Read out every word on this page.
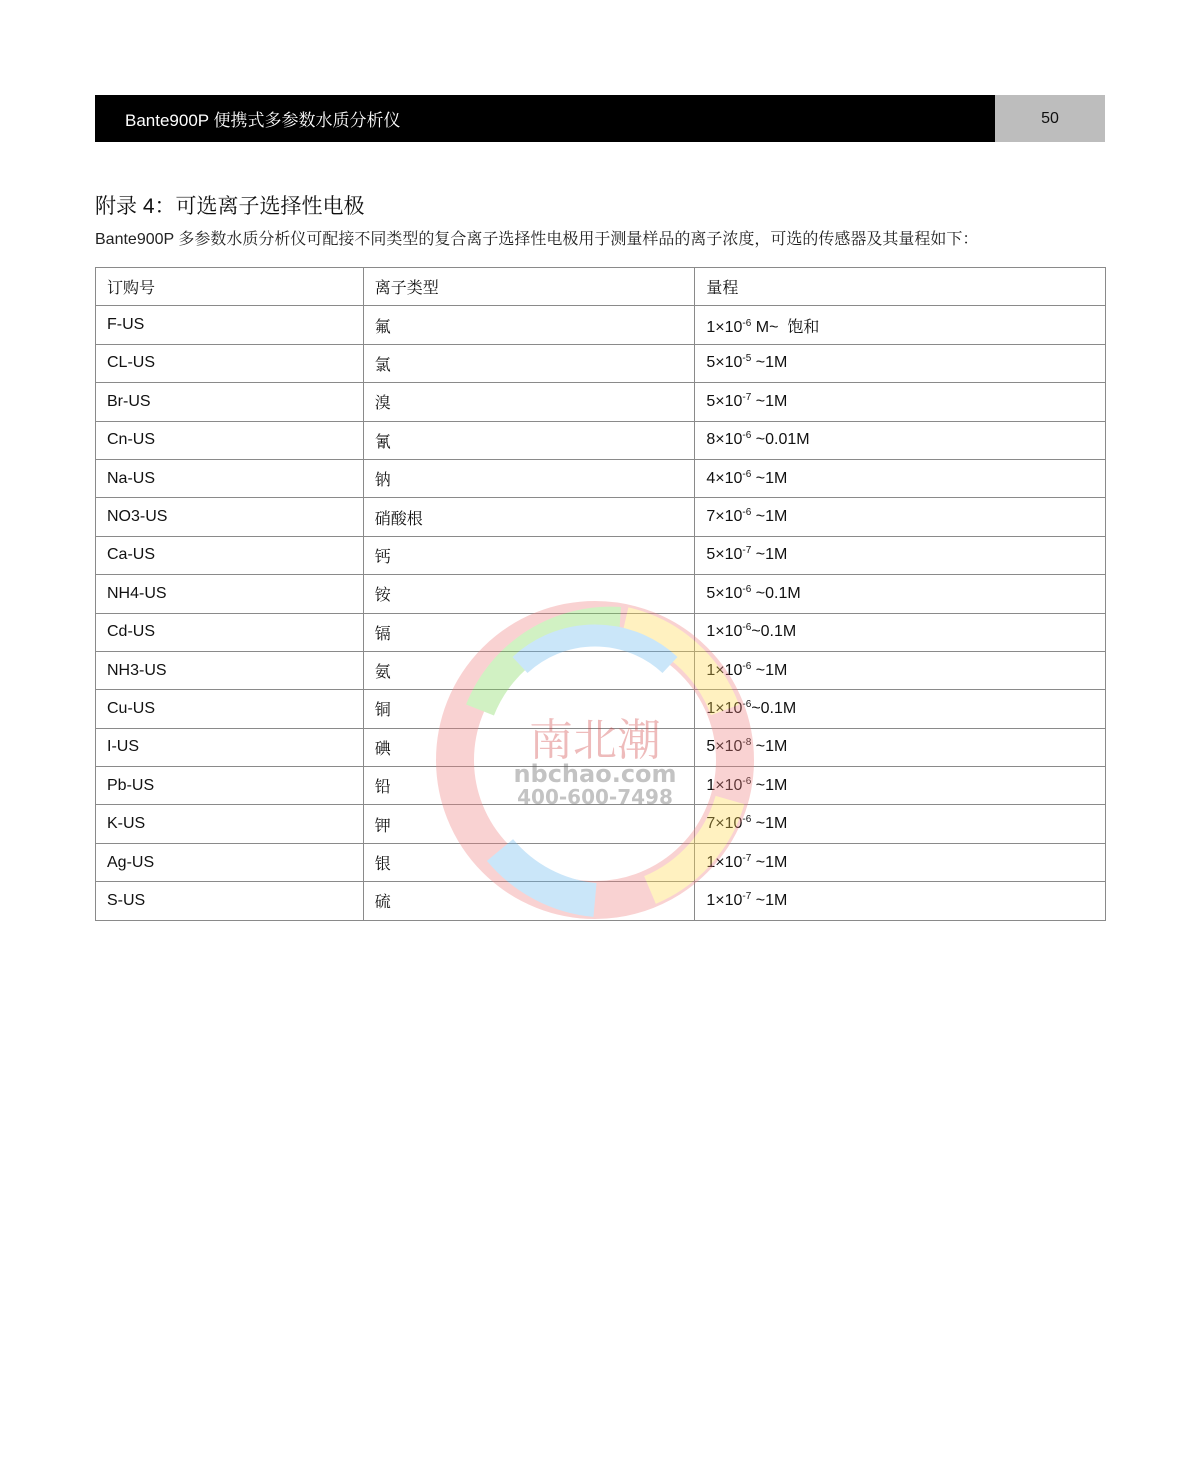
Bante900P 便携式多参数水质分析仪	50
附录 4：可选离子选择性电极
Bante900P 多参数水质分析仪可配接不同类型的复合离子选择性电极用于测量样品的离子浓度，可选的传感器及其量程如下：
订购号	离子类型	量程
F-US	氟	$1\times 10^{-6}$ M~  饱和
CL-US	氯	$5\times 10^{-5}$ ~1M
Br-US	溴	$5\times 10^{-7}$ ~1M
Cn-US	氰	$8\times 10^{-6}$ ~0.01M
Na-US	钠	$4\times 10^{-6}$ ~1M
NO3-US	硝酸根	$7\times 10^{-6}$ ~1M
Ca-US	钙	$5\times 10^{-7}$ ~1M
NH4-US	铵	$5\times 10^{-6}$ ~0.1M
Cd-US	镉	$1\times 10^{-6}\sim 0.1M$
NH3-US	氨	$1\times 10^{-6}$ ~1M
Cu-US	铜	$1\times 10^{-6}\sim 0.1M$
I-US	碘	$5\times 10^{-8}$ ~1M
Pb-US	铅	$1\times 10^{-6}$ ~1M
K-US	钾	$7\times 10^{-6}$ ~1M
Ag-US	银	$1\times 10^{-7}$ ~1M
S-US	硫	$1\times 10^{-7}$ ~1M
南北潮
nbchao.com
400-600-7498
